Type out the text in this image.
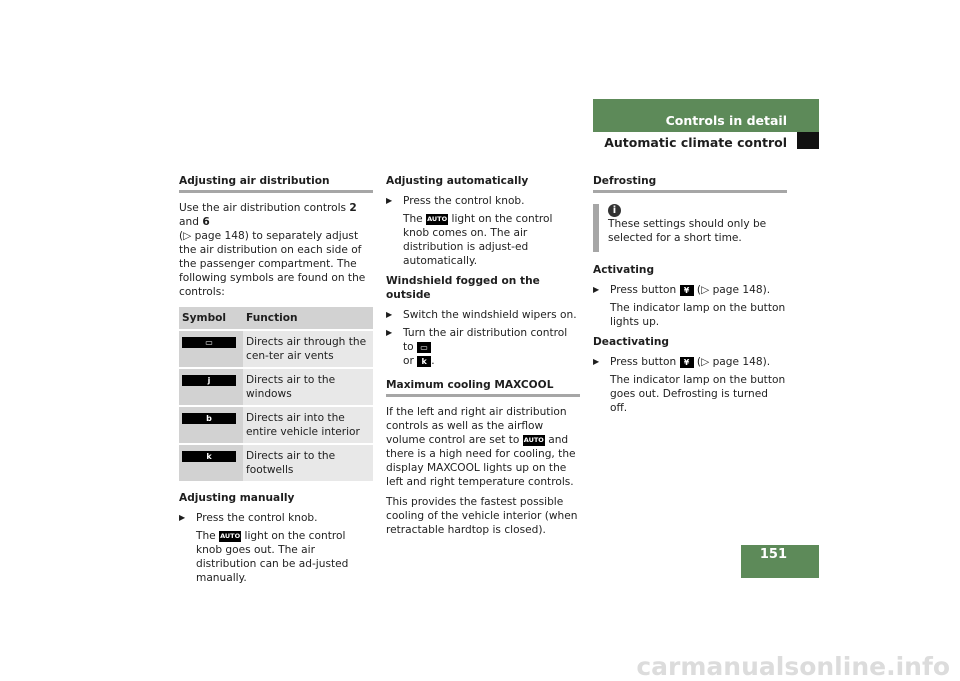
Controls in detail
Automatic climate control
Adjusting air distribution

Use the air distribution controls 2 and 6
(▷ page 148) to separately adjust the air distribution on each side of the passenger compartment. The following symbols are found on the controls:

Symbol	Function
▭	Directs air through the cen-ter air vents
j	Directs air to the windows
b	Directs air into the entire vehicle interior
k	Directs air to the footwells
Adjusting manually
▶ Press the control knob.
The AUTO light on the control knob goes out. The air distribution can be ad-justed manually.
Adjusting automatically
▶ Press the control knob.
The AUTO light on the control knob comes on. The air distribution is adjust-ed automatically.
Windshield fogged on the outside
▶ Switch the windshield wipers on.
▶ Turn the air distribution control to ▭
or k .
Maximum cooling MAXCOOL

If the left and right air distribution controls as well as the airflow volume control are set to AUTO and there is a high need for cooling, the display MAXCOOL lights up on the left and right temperature controls.

This provides the fastest possible cooling of the vehicle interior (when retractable hardtop is closed).

Defrosting
i
These settings should only be selected for a short time.
Activating
▶ Press button ¥ (▷ page 148).
The indicator lamp on the button lights up.
Deactivating
▶ Press button ¥ (▷ page 148).
The indicator lamp on the button goes out. Defrosting is turned off.
151
carmanualsonline.info
